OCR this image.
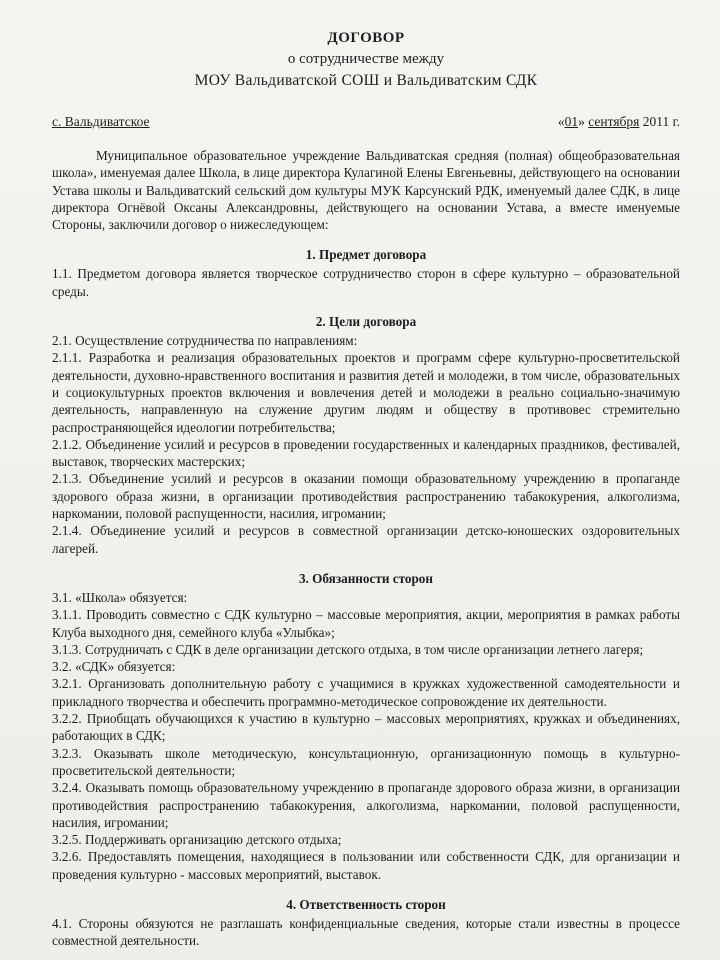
ДОГОВОР
о сотрудничестве между
МОУ Вальдиватской СОШ и Вальдиватским СДК
с. Вальдиватское	«01» сентября 2011 г.

Муниципальное образовательное учреждение Вальдиватская средняя (полная) общеобразовательная школа», именуемая далее Школа, в лице директора Кулагиной Елены Евгеньевны, действующего на основании Устава школы и Вальдиватский сельский дом культуры МУК Карсунский РДК, именуемый далее СДК, в лице директора Огнёвой Оксаны Александровны, действующего на основании Устава, а вместе именуемые Стороны, заключили договор о нижеследующем:

1. Предмет договора

1.1. Предметом договора является творческое сотрудничество сторон в сфере культурно – образовательной среды.

2. Цели договора

2.1. Осуществление сотрудничества по направлениям:

2.1.1. Разработка и реализация образовательных проектов и программ сфере культурно-просветительской деятельности, духовно-нравственного воспитания и развития детей и молодежи, в том числе, образовательных и социокультурных проектов включения и вовлечения детей и молодежи в реально социально-значимую деятельность, направленную на служение другим людям и обществу в противовес стремительно распространяющейся идеологии потребительства;

2.1.2. Объединение усилий и ресурсов в проведении государственных и календарных праздников, фестивалей, выставок, творческих мастерских;

2.1.3. Объединение усилий и ресурсов в оказании помощи образовательному учреждению в пропаганде здорового образа жизни, в организации противодействия распространению табакокурения, алкоголизма, наркомании, половой распущенности, насилия, игромании;

2.1.4. Объединение усилий и ресурсов в совместной организации детско-юношеских оздоровительных лагерей.

3. Обязанности сторон

3.1. «Школа» обязуется:

3.1.1. Проводить совместно с СДК культурно – массовые мероприятия, акции, мероприятия в рамках работы Клуба выходного дня, семейного клуба «Улыбка»;

3.1.3. Сотрудничать с СДК в деле организации детского отдыха, в том числе организации летнего лагеря;

3.2. «СДК» обязуется:

3.2.1. Организовать дополнительную работу с учащимися в кружках художественной самодеятельности и прикладного творчества и обеспечить программно-методическое сопровождение их деятельности.

3.2.2. Приобщать обучающихся к участию в культурно – массовых мероприятиях, кружках и объединениях, работающих в СДК;

3.2.3. Оказывать школе методическую, консультационную, организационную помощь в культурно-просветительской деятельности;

3.2.4. Оказывать помощь образовательному учреждению в пропаганде здорового образа жизни, в организации противодействия распространению табакокурения, алкоголизма, наркомании, половой распущенности, насилия, игромании;

3.2.5. Поддерживать организацию детского отдыха;

3.2.6. Предоставлять помещения, находящиеся в пользовании или собственности СДК, для организации и проведения культурно - массовых мероприятий, выставок.

4. Ответственность сторон

4.1. Стороны обязуются не разглашать конфиденциальные сведения, которые стали известны в процессе совместной деятельности.
